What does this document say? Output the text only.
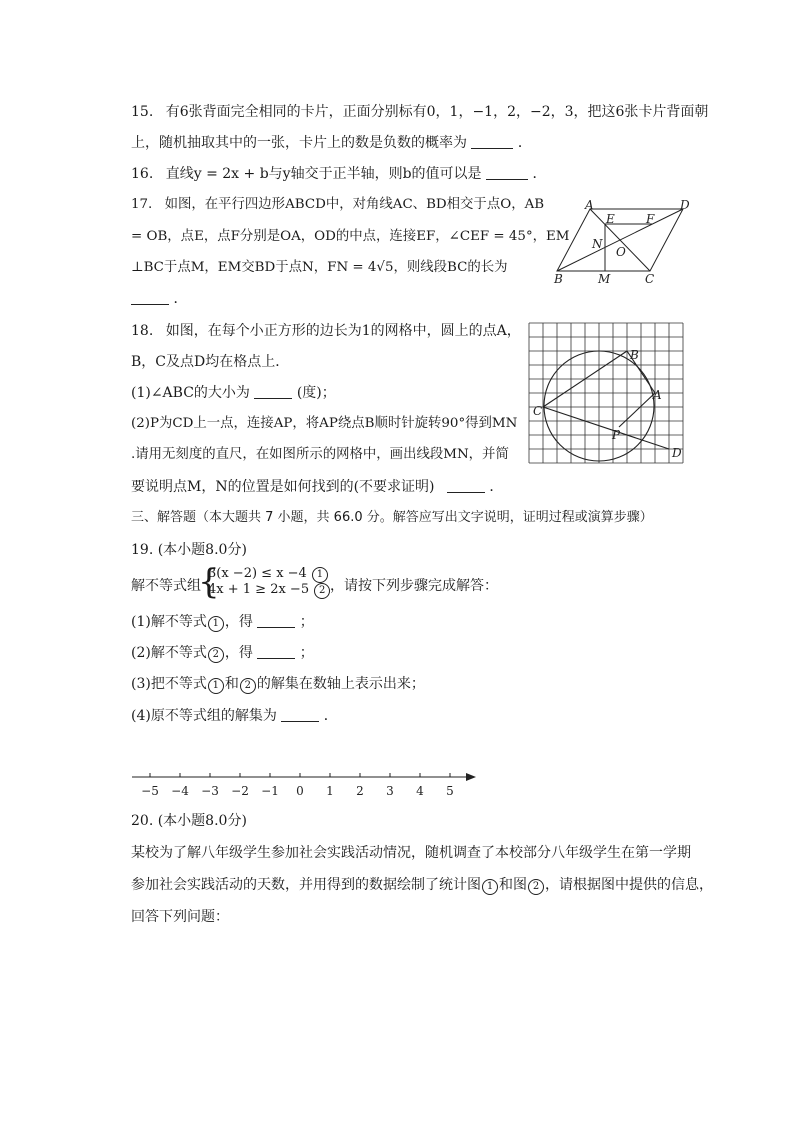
15. 有6张背面完全相同的卡片，正面分别标有0，1，−1，2，−2，3，把这6张卡片背面朝
上，随机抽取其中的一张，卡片上的数是负数的概率为	．
16. 直线y = 2x + b与y轴交于正半轴，则b的值可以是	．
17. 如图，在平行四边形ABCD中，对角线AC、BD相交于点O，AB
= OB，点E，点F分别是OA，OD的中点，连接EF，∠CEF = 45°，EM
⊥BC于点M，EM交BD于点N，FN = 4√5，则线段BC的长为
．
A
E	F
D
N
O
B	M	C
18. 如图，在每个小正方形的边长为1的网格中，圆上的点A，
B，C及点D均在格点上．
(1)∠ABC的大小为	(度)；
(2)P为CD上一点，连接AP，将AP绕点B顺时针旋转90°得到MN
.请用无刻度的直尺，在如图所示的网格中，画出线段MN，并简
要说明点M，N的位置是如何找到的(不要求证明)	．
B
A
C
P
D
三、解答题（本大题共 7 小题，共 66.0 分。解答应写出文字说明，证明过程或演算步骤）
19. (本小题8.0分)
解不等式组
{
3(x −2) ≤ x −4 1
4x + 1 ≥ 2x −5 2 ，请按下列步骤完成解答：
(1)解不等式 1 ，得	；
(2)解不等式 2 ，得	；
(3)把不等式 1 和 2 的解集在数轴上表示出来；
(4)原不等式组的解集为	．
−5 −4 −3 −2 −1 0 1 2 3 4 5
20. (本小题8.0分)
某校为了解八年级学生参加社会实践活动情况，随机调查了本校部分八年级学生在第一学期
参加社会实践活动的天数，并用得到的数据绘制了统计图 1 和图 2 ，请根据图中提供的信息，
回答下列问题：
